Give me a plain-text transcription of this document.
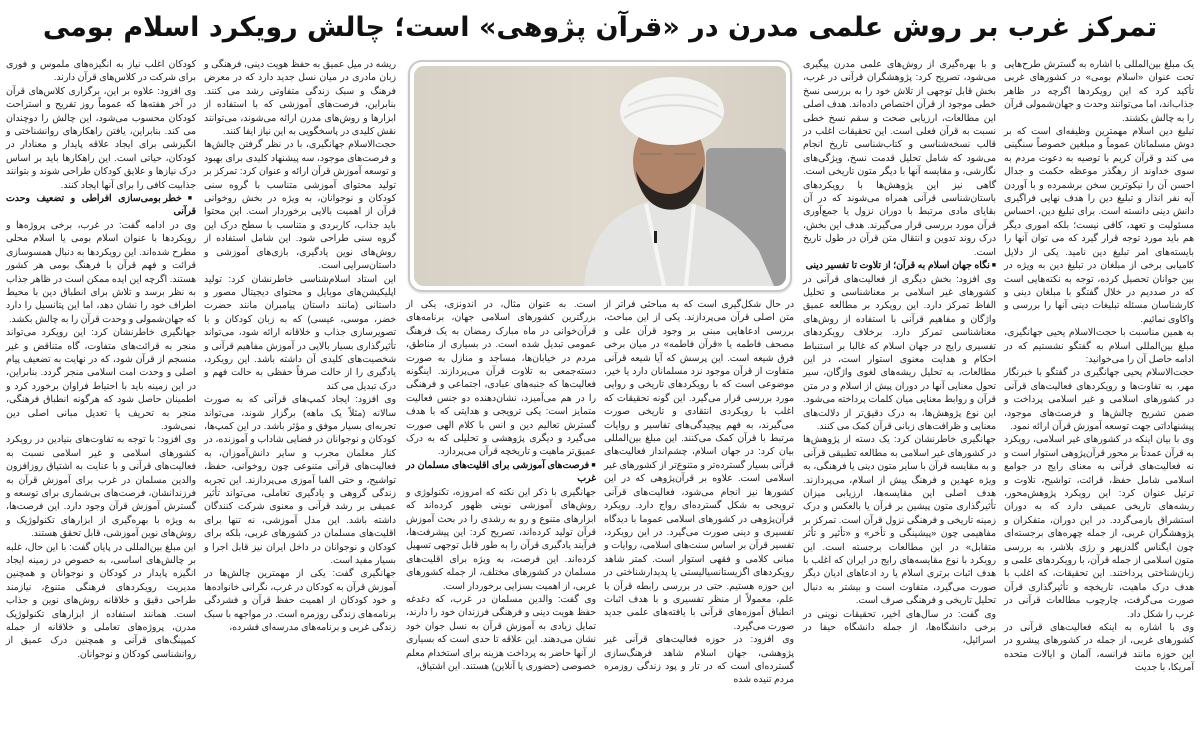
تمرکز غرب بر روش علمی مدرن در «قرآن پژوهی» است؛ چالش رویکرد اسلام بومی

یک مبلغ بین‌المللی با اشاره به گسترش طرح‌هایی تحت عنوان «اسلام بومی» در کشورهای غربی تأکید کرد که این رویکردها اگرچه در ظاهر جذاب‌اند، اما می‌توانند وحدت و جهان‌شمولی قرآن را به چالش بکشند.

تبلیغ دین اسلام مهمترین وظیفه‌ای است که بر دوش مسلمانان عموماً و مبلغین خصوصاً سنگینی می کند و قرآن کریم با توصیه به دعوت مردم به سوی خداوند از رهگذر موعظه حکمت و جدال احسن آن را نیکوترین سخن برشمرده و با آوردن آیه نفر انذار و تبلیغ دین را هدف نهایی فراگیری دانش دینی دانسته است. برای تبلیغ دین، احساس مسئولیت و تعهد، کافی نیست؛ بلکه اموری دیگر هم باید مورد توجه قرار گیرد که می توان آنها را بایسته‌های امر تبلیغ دین نامید. یکی از دلایل کامیابی برخی از مبلغان در تبلیغ دین به ویژه در بین جوانان تحصیل کرده، توجه به نکته‌هایی است که در صددیم در خلال گفتگو با مبلغان دینی و کارشناسان مسئله تبلیغات دینی آنها را بررسی و واکاوی نمائیم.

به همین مناسبت با حجت‌الاسلام یحیی جهانگیری، مبلغ بین‌المللی اسلام به گفتگو نشستیم که در ادامه حاصل آن را می‌خوانید:

حجت‌الاسلام یحیی جهانگیری در گفتگو با خبرنگار مهر، به تفاوت‌ها و رویکردهای فعالیت‌های قرآنی در کشورهای اسلامی و غیر اسلامی پرداخت و ضمن تشریح چالش‌ها و فرصت‌های موجود، پیشنهاداتی جهت توسعه آموزش قرآن ارائه نمود.

وی با بیان اینکه در کشورهای غیر اسلامی، رویکرد به قرآن عمدتاً بر محور قرآن‌پژوهی استوار است و نه فعالیت‌های قرآنی به معنای رایج در جوامع اسلامی شامل حفظ، قرائت، تواشیح، تلاوت و ترتیل عنوان کرد: این رویکرد پژوهش‌محور، ریشه‌های تاریخی عمیقی دارد که به دوران استشراق بازمی‌گردد. در این دوران، متفکران و پژوهشگران غربی، از جمله چهره‌های برجسته‌ای چون ایگناس گلدزیهر و رژی بلاشر، به بررسی متون اسلامی از جمله قرآن، با رویکردهای علمی و زبان‌شناختی پرداختند. این تحقیقات، که اغلب با هدف درک ماهیت، تاریخچه و تأثیرگذاری قرآن صورت می‌گرفت، چارچوب مطالعات قرآنی در غرب را شکل داد.

وی با اشاره به اینکه فعالیت‌های قرآنی در کشورهای غربی، از جمله در کشورهای پیشرو در این حوزه مانند فرانسه، آلمان و ایالات متحده آمریکا، با جدیت

و با بهره‌گیری از روش‌های علمی مدرن پیگیری می‌شود، تصریح کرد: پژوهشگران قرآنی در غرب، بخش قابل توجهی از تلاش خود را به بررسی نسخ خطی موجود از قرآن اختصاص داده‌اند. هدف اصلی این مطالعات، ارزیابی صحت و سقم نسخ خطی نسبت به قرآن فعلی است. این تحقیقات اغلب در قالب نسخه‌شناسی و کتاب‌شناسی تاریخ انجام می‌شود که شامل تحلیل قدمت نسخ، ویژگی‌های نگارشی، و مقایسه آنها با دیگر متون تاریخی است. گاهی نیز این پژوهش‌ها با رویکردهای باستان‌شناسی قرآنی همراه می‌شوند که در آن بقایای مادی مرتبط با دوران نزول یا جمع‌آوری قرآن مورد بررسی قرار می‌گیرند. هدف این بخش، درک روند تدوین و انتقال متن قرآن در طول تاریخ است.

■ نگاه جهان اسلام به قرآن؛ از تلاوت تا تفسیر دینی

وی افزود: بخش دیگری از فعالیت‌های قرآنی در کشورهای غیر اسلامی بر معناشناسی و تحلیل الفاظ تمرکز دارد. این رویکرد بر مطالعه عمیق واژگان و مفاهیم قرآنی با استفاده از روش‌های معناشناسی تمرکز دارد. برخلاف رویکردهای تفسیری رایج در جهان اسلام که غالبا بر استنباط احکام و هدایت معنوی استوار است، در این مطالعات، به تحلیل ریشه‌های لغوی واژگان، سیر تحول معنایی آنها در دوران پیش از اسلام و در متن قرآن و روابط معنایی میان کلمات پرداخته می‌شود. این نوع پژوهش‌ها، به درک دقیق‌تر از دلالت‌های معنایی و ظرافت‌های زبانی قرآن کمک می کنند.

جهانگیری خاطرنشان کرد: یک دسته از پژوهش‌ها در کشورهای غیر اسلامی به مطالعه تطبیقی قرآنی و به مقایسه قرآن با سایر متون دینی یا فرهنگی، به ویژه عهدین و فرهنگ پیش از اسلام، می‌پردازند. هدف اصلی این مقایسه‌ها، ارزیابی میزان تأثیرگذاری متون پیشین بر قرآن یا بالعکس و درک زمینه تاریخی و فرهنگی نزول قرآن است. تمرکز بر مفاهیمی چون «پیشینگی و تأخر» و «تأثیر و تأثر متقابل» در این مطالعات برجسته است. این رویکرد با نوع مقایسه‌های رایج در ایران که اغلب با هدف اثبات برتری اسلام یا رد ادعاهای ادیان دیگر صورت می‌گیرد، متفاوت است و بیشتر به دنبال تحلیل تاریخی و فرهنگی صرف است.

وی گفت: در سال‌های اخیر، تحقیقات نوینی در برخی دانشگاه‌ها، از جمله دانشگاه حیفا در اسرائیل،

در حال شکل‌گیری است که به مباحثی فراتر از متن اصلی قرآن می‌پردازند. یکی از این مباحث، بررسی ادعاهایی مبنی بر وجود قرآن علی و مصحف فاطمه یا «قرآن فاطمه» در میان برخی فرق شیعه است. این پرسش که آیا شیعه قرآنی متفاوت از قرآن موجود نزد مسلمانان دارد یا خیر، موضوعی است که با رویکردهای تاریخی و روایی مورد بررسی قرار می‌گیرد. این گونه تحقیقات که اغلب با رویکردی انتقادی و تاریخی صورت می‌گیرند، به فهم پیچیدگی‌های تفاسیر و روایات مرتبط با قرآن کمک می‌کنند. این مبلغ بین‌المللی بیان کرد: در جهان اسلام، چشم‌انداز فعالیت‌های قرآنی بسیار گسترده‌تر و متنوع‌تر از کشورهای غیر اسلامی است. علاوه بر قرآن‌پژوهی که در این کشورها نیز انجام می‌شود، فعالیت‌های قرآنی ترویجی به شکل گسترده‌ای رواج دارد. رویکرد قرآن‌پژوهی در کشورهای اسلامی عموما با دیدگاه تفسیری و دینی صورت می‌گیرد. در این رویکرد، تفسیر قرآن بر اساس سنت‌های اسلامی، روایات و مبانی کلامی و فقهی استوار است. کمتر شاهد رویکردهای اگزیستانسیالیستی یا پدیدارشناختی در این حوزه هستیم. حتی در بررسی رابطه قرآن با علم، معمولاً از منظر تفسیری و با هدف اثبات انطباق آموزه‌های قرآنی با یافته‌های علمی جدید صورت می‌گیرد.

وی افزود: در حوزه فعالیت‌های قرآنی غیر پژوهشی، جهان اسلام شاهد فرهنگ‌سازی گسترده‌ای است که در تار و پود زندگی روزمره مردم تنیده شده

است. به عنوان مثال، در اندونزی، یکی از بزرگترین کشورهای اسلامی جهان، برنامه‌های قرآن‌خوانی در ماه مبارک رمضان به یک فرهنگ عمومی تبدیل شده است. در بسیاری از مناطق، مردم در خیابان‌ها، مساجد و منازل به صورت دسته‌جمعی به تلاوت قرآن می‌پردازند. اینگونه فعالیت‌ها که جنبه‌های عبادی، اجتماعی و فرهنگی را در هم می‌آمیزد، نشان‌دهنده دو جنس فعالیت متمایز است: یکی ترویجی و هدایتی که با هدف گسترش تعالیم دین و انس با کلام الهی صورت می‌گیرد و دیگری پژوهشی و تحلیلی که به درک عمیق‌تر ماهیت و تاریخچه قرآن می‌پردازد.

■ فرصت‌های آموزشی برای اقلیت‌های مسلمان در غرب

جهانگیری با ذکر این نکته که امروزه، تکنولوژی و روش‌های آموزشی نوینی ظهور کرده‌اند که ابزارهای متنوع و رو به رشدی را در بحث آموزش قرآن تولید کرده‌اند، تصریح کرد: این پیشرفت‌ها، فرآیند یادگیری قرآن را به طور قابل توجهی تسهیل کرده‌اند. این فرصت، به ویژه برای اقلیت‌های مسلمان در کشورهای مختلف، از جمله کشورهای غربی، از اهمیت بسزایی برخوردار است.

وی گفت: والدین مسلمان در غرب، که دغدغه حفظ هویت دینی و فرهنگی فرزندان خود را دارند، تمایل زیادی به آموزش قرآن به نسل جوان خود نشان می‌دهند. این علاقه تا حدی است که بسیاری از آنها حاضر به پرداخت هزینه برای استخدام معلم خصوصی (حضوری یا آنلاین) هستند. این اشتیاق،

ریشه در میل عمیق به حفظ هویت دینی، فرهنگی و زبان مادری در میان نسل جدید دارد که در معرض فرهنگ و سبک زندگی متفاوتی رشد می کنند. بنابراین، فرصت‌های آموزشی که با استفاده از ابزارها و روش‌های مدرن ارائه می‌شوند، می‌توانند نقش کلیدی در پاسخگویی به این نیاز ایفا کنند.

حجت‌الاسلام جهانگیری، با در نظر گرفتن چالش‌ها و فرصت‌های موجود، سه پیشنهاد کلیدی برای بهبود و توسعه آموزش قرآن ارائه و عنوان کرد: تمرکز بر تولید محتوای آموزشی متناسب با گروه سنی کودکان و نوجوانان، به ویژه در بخش روخوانی قرآن از اهمیت بالایی برخوردار است. این محتوا باید جذاب، کاربردی و متناسب با سطح درک این گروه سنی طراحی شود. این شامل استفاده از روش‌های نوین یادگیری، بازی‌های آموزشی و داستان‌سرایی است.

این استاد اسلام‌شناسی خاطرنشان کرد: تولید اپلیکیشن‌های موبایل و محتوای دیجیتال مصور و داستانی (مانند داستان پیامبران مانند حضرت خضر، موسی، عیسی) که به زبان کودکان و با تصویرسازی جذاب و خلاقانه ارائه شود، می‌تواند تأثیرگذاری بسیار بالایی در آموزش مفاهیم قرآنی و شخصیت‌های کلیدی آن داشته باشد. این رویکرد، یادگیری را از حالت صرفاً حفظی به حالت فهم و درک تبدیل می کند

وی افزود: ایجاد کمپ‌های قرآنی که به صورت سالانه (مثلاً یک ماهه) برگزار شوند، می‌تواند تجربه‌ای بسیار موفق و مؤثر باشد. در این کمپ‌ها، کودکان و نوجوانان در فضایی شاداب و آموزنده، در کنار معلمان مجرب و سایر دانش‌آموزان، به فعالیت‌های قرآنی متنوعی چون روخوانی، حفظ، تواشیح، و حتی الفبا آموزی می‌پردازند. این تجربه زندگی گروهی و یادگیری تعاملی، می‌تواند تأثیر عمیقی بر رشد قرآنی و معنوی شرکت کنندگان داشته باشد. این مدل آموزشی، نه تنها برای اقلیت‌های مسلمان در کشورهای غربی، بلکه برای کودکان و نوجوانان در داخل ایران نیز قابل اجرا و بسیار مفید است.

جهانگیری گفت: یکی از مهمترین چالش‌ها در آموزش قرآن به کودکان در غرب، نگرانی خانواده‌ها و خود کودکان از اهمیت حفظ قرآن و فشردگی برنامه‌های زندگی روزمره است. در مواجهه با سبک زندگی غربی و برنامه‌های مدرسه‌ای فشرده،

کودکان اغلب نیاز به انگیزه‌های ملموس و فوری برای شرکت در کلاس‌های قرآن دارند.

وی افزود: علاوه بر این، برگزاری کلاس‌های قرآن در آخر هفته‌ها که عموماً روز تفریح و استراحت کودکان محسوب می‌شود، این چالش را دوچندان می کند. بنابراین، یافتن راهکارهای روانشناختی و انگیزشی برای ایجاد علاقه پایدار و معنادار در کودکان، حیاتی است. این راهکارها باید بر اساس درک نیازها و علایق کودکان طراحی شوند و بتوانند جذابیت کافی را برای آنها ایجاد کنند.

■ خطر بومی‌سازی افراطی و تضعیف وحدت قرآنی

وی در ادامه گفت: در غرب، برخی پروژه‌ها و رویکردها با عنوان اسلام بومی یا اسلام محلی مطرح شده‌اند. این رویکردها به دنبال همسوسازی قرائت و فهم قرآن با فرهنگ بومی هر کشور هستند. اگرچه این ایده ممکن است در ظاهر جذاب به نظر برسد و تلاش برای انطباق دین با محیط اطراف خود را نشان دهد، اما این پتانسیل را دارد که جهان‌شمولی و وحدت قرآن را به چالش بکشد.

جهانگیری خاطرنشان کرد: این رویکرد می‌تواند منجر به قرائت‌های متفاوت، گاه متناقض و غیر منسجم از قرآن شود، که در نهایت به تضعیف پیام اصلی و وحدت امت اسلامی منجر گردد. بنابراین، در این زمینه باید با احتیاط فراوان برخورد کرد و اطمینان حاصل شود که هرگونه انطباق فرهنگی، منجر به تحریف یا تعدیل مبانی اصلی دین نمی‌شود.

وی افزود: با توجه به تفاوت‌های بنیادین در رویکرد کشورهای اسلامی و غیر اسلامی نسبت به فعالیت‌های قرآنی و با عنایت به اشتیاق روزافزون والدین مسلمان در غرب برای آموزش قرآن به فرزندانشان، فرصت‌های بی‌شماری برای توسعه و گسترش آموزش قرآن وجود دارد. این فرصت‌ها، به ویژه با بهره‌گیری از ابزارهای تکنولوژیک و روش‌های نوین آموزشی، قابل تحقق هستند.

این مبلغ بین‌المللی در پایان گفت: با این حال، غلبه بر چالش‌های اساسی، به خصوص در زمینه ایجاد انگیزه پایدار در کودکان و نوجوانان و همچنین مدیریت رویکردهای فرهنگی متنوع، نیازمند طراحی دقیق و خلاقانه روش‌های نوین و جذاب است. همانند استفاده از ابزارهای تکنولوژیک مدرن، پروژه‌های تعاملی و خلاقانه از جمله کمپینگ‌های قرآنی و همچنین درک عمیق از روانشناسی کودکان و نوجوانان.
